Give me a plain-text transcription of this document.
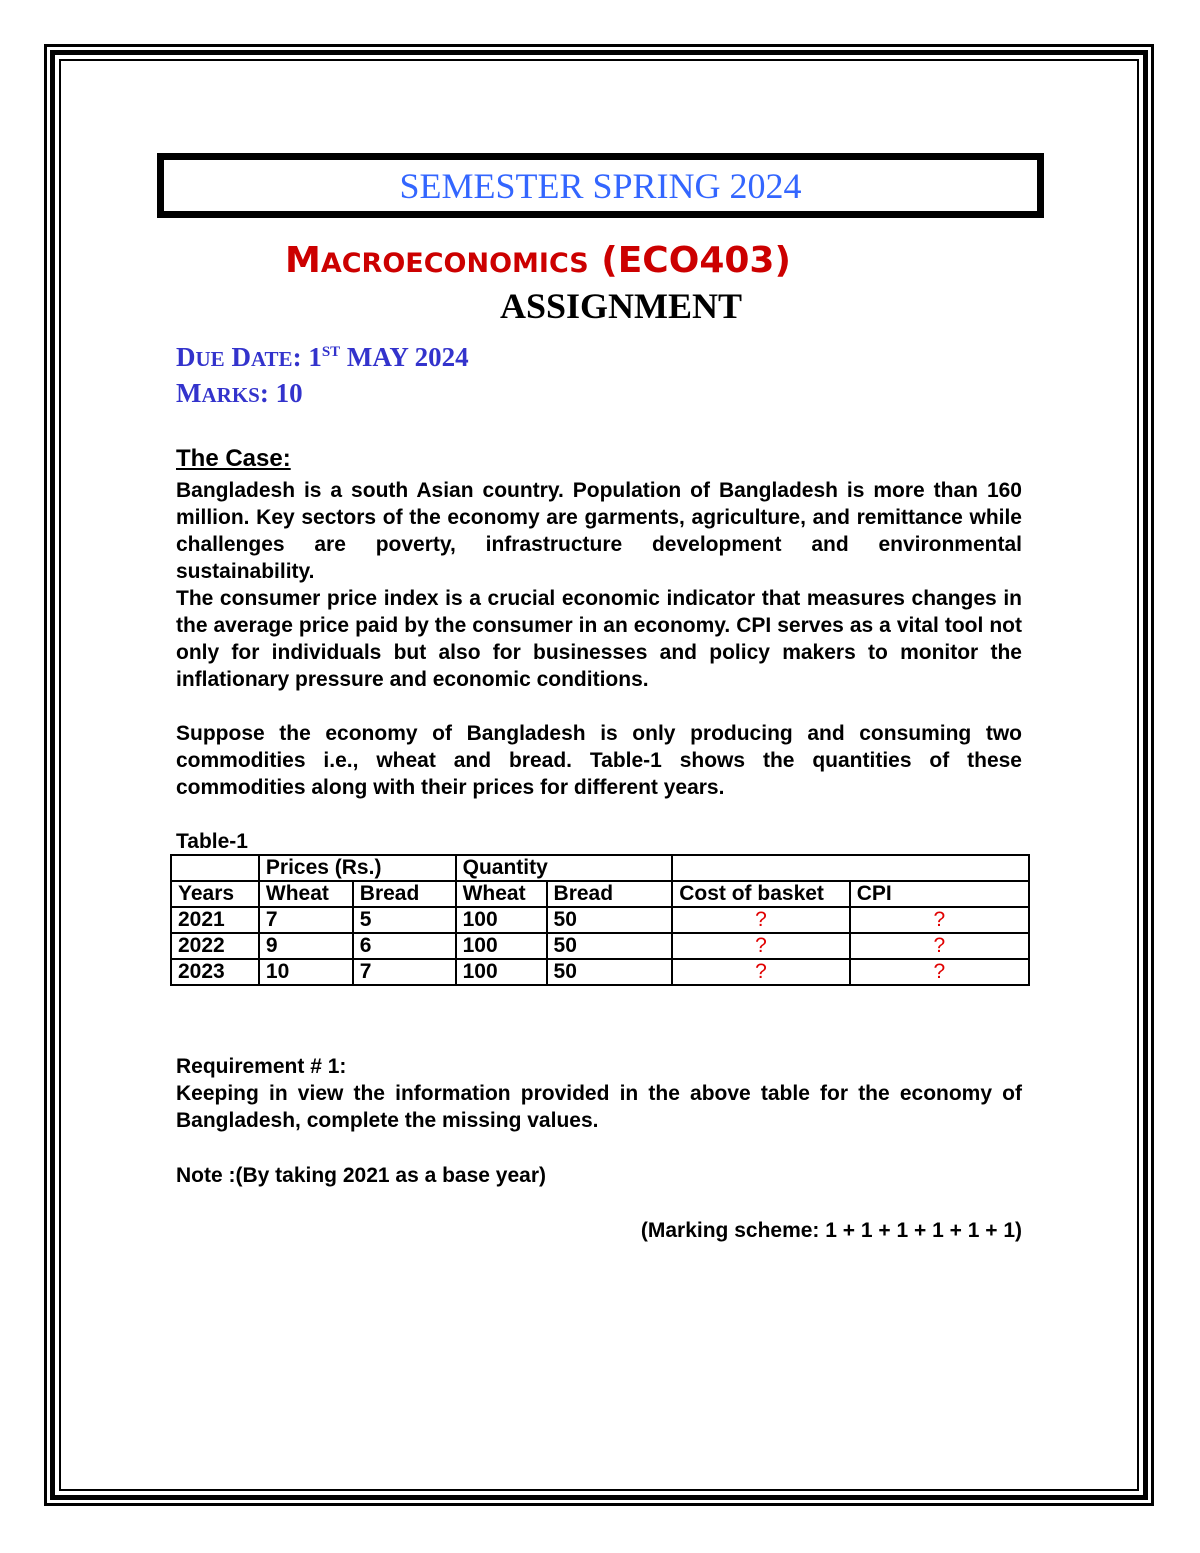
SEMESTER SPRING 2024
MACROECONOMICS (ECO403)
ASSIGNMENT
DUE DATE: 1ST MAY 2024
MARKS: 10
The Case:
Bangladesh is a south Asian country. Population of Bangladesh is more than 160 million. Key sectors of the economy are garments, agriculture, and remittance while challenges are poverty, infrastructure development and environmental sustainability.
The consumer price index is a crucial economic indicator that measures changes in the average price paid by the consumer in an economy. CPI serves as a vital tool not only for individuals but also for businesses and policy makers to monitor the inflationary pressure and economic conditions.
Suppose the economy of Bangladesh is only producing and consuming two commodities i.e., wheat and bread. Table-1 shows the quantities of these commodities along with their prices for different years.
Table-1
	Prices (Rs.)		Quantity			
Years	Wheat	Bread	Wheat	Bread	Cost of basket	CPI
2021	7	5	100	50	?	?
2022	9	6	100	50	?	?
2023	10	7	100	50	?	?
Requirement # 1:
Keeping in view the information provided in the above table for the economy of Bangladesh, complete the missing values.
Note :(By taking 2021 as a base year)
(Marking scheme: 1 + 1 + 1 + 1 + 1 + 1)
